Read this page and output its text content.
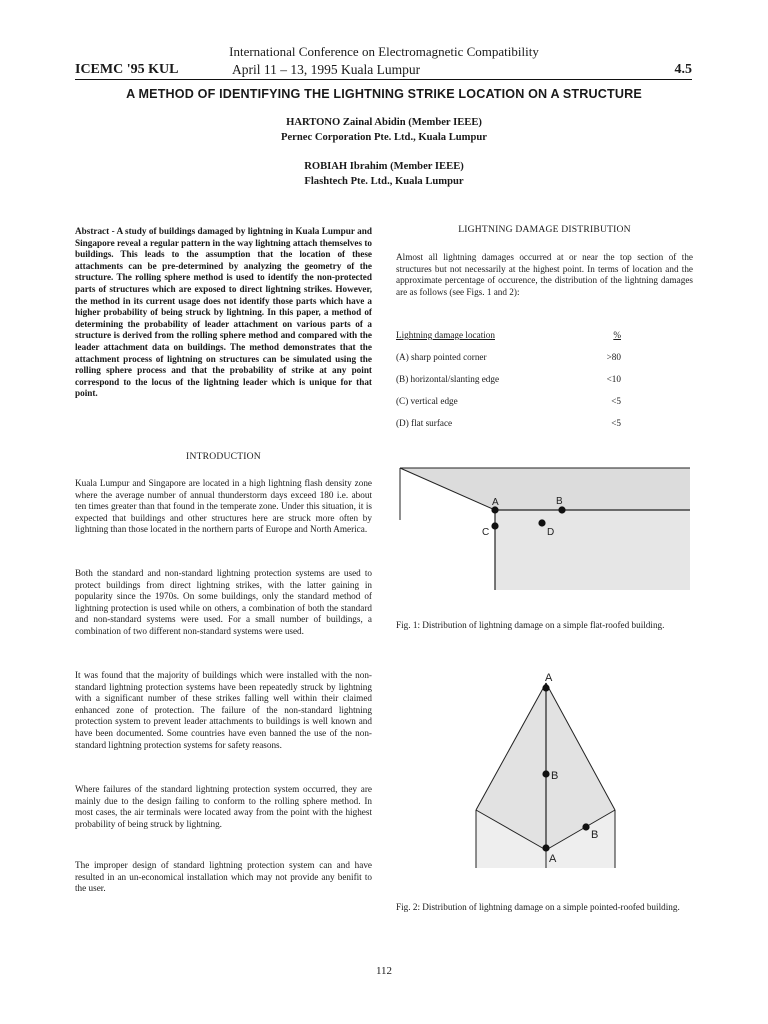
International Conference on Electromagnetic Compatibility
ICEMC '95 KUL	April 11 – 13, 1995 Kuala Lumpur	4.5
A METHOD OF IDENTIFYING THE LIGHTNING STRIKE LOCATION ON A STRUCTURE
HARTONO Zainal Abidin (Member IEEE)
Pernec Corporation Pte. Ltd., Kuala Lumpur
ROBIAH Ibrahim (Member IEEE)
Flashtech Pte. Ltd., Kuala Lumpur
Abstract - A study of buildings damaged by lightning in Kuala Lumpur and Singapore reveal a regular pattern in the way lightning attach themselves to buildings. This leads to the assumption that the location of these attachments can be pre-determined by analyzing the geometry of the structure. The rolling sphere method is used to identify the non-protected parts of structures which are exposed to direct lightning strikes. However, the method in its current usage does not identify those parts which have a higher probability of being struck by lightning. In this paper, a method of determining the probability of leader attachment on various parts of a structure is derived from the rolling sphere method and compared with the leader attachment data on buildings. The method demonstrates that the attachment process of lightning on structures can be simulated using the rolling sphere process and that the probability of strike at any point correspond to the locus of the lightning leader which is unique for that point.
INTRODUCTION
Kuala Lumpur and Singapore are located in a high lightning flash density zone where the average number of annual thunderstorm days exceed 180 i.e. about ten times greater than that found in the temperate zone. Under this situation, it is expected that buildings and other structures here are struck more often by lightning than those located in the northern parts of Europe and North America.
Both the standard and non-standard lightning protection systems are used to protect buildings from direct lightning strikes, with the latter gaining in popularity since the 1970s. On some buildings, only the standard method of lightning protection is used while on others, a combination of both the standard and non-standard systems were used. For a small number of buildings, a combination of two different non-standard systems were used.
It was found that the majority of buildings which were installed with the non-standard lightning protection systems have been repeatedly struck by lightning with a significant number of these strikes falling well within their claimed enhanced zone of protection. The failure of the non-standard lightning protection system to prevent leader attachments to buildings is well known and have been documented. Some countries have even banned the use of the non-standard lightning protection systems for safety reasons.
Where failures of the standard lightning protection system occurred, they are mainly due to the design failing to conform to the rolling sphere method. In most cases, the air terminals were located away from the point with the highest probability of being struck by lightning.
The improper design of standard lightning protection system can and have resulted in an un-economical installation which may not provide any benifit to the user.
LIGHTNING DAMAGE DISTRIBUTION
Almost all lightning damages occurred at or near the top section of the structures but not necessarily at the highest point. In terms of location and the approximate percentage of occurence, the distribution of the lightning damages are as follows (see Figs. 1 and 2):
Lightning damage location	%
(A) sharp pointed corner	>80
(B) horizontal/slanting edge	<10
(C) vertical edge	<5
(D) flat surface	<5
A	B
C	D
Fig. 1: Distribution of lightning damage on a simple flat-roofed building.
A
B
B
A
Fig. 2: Distribution of lightning damage on a simple pointed-roofed building.
112
